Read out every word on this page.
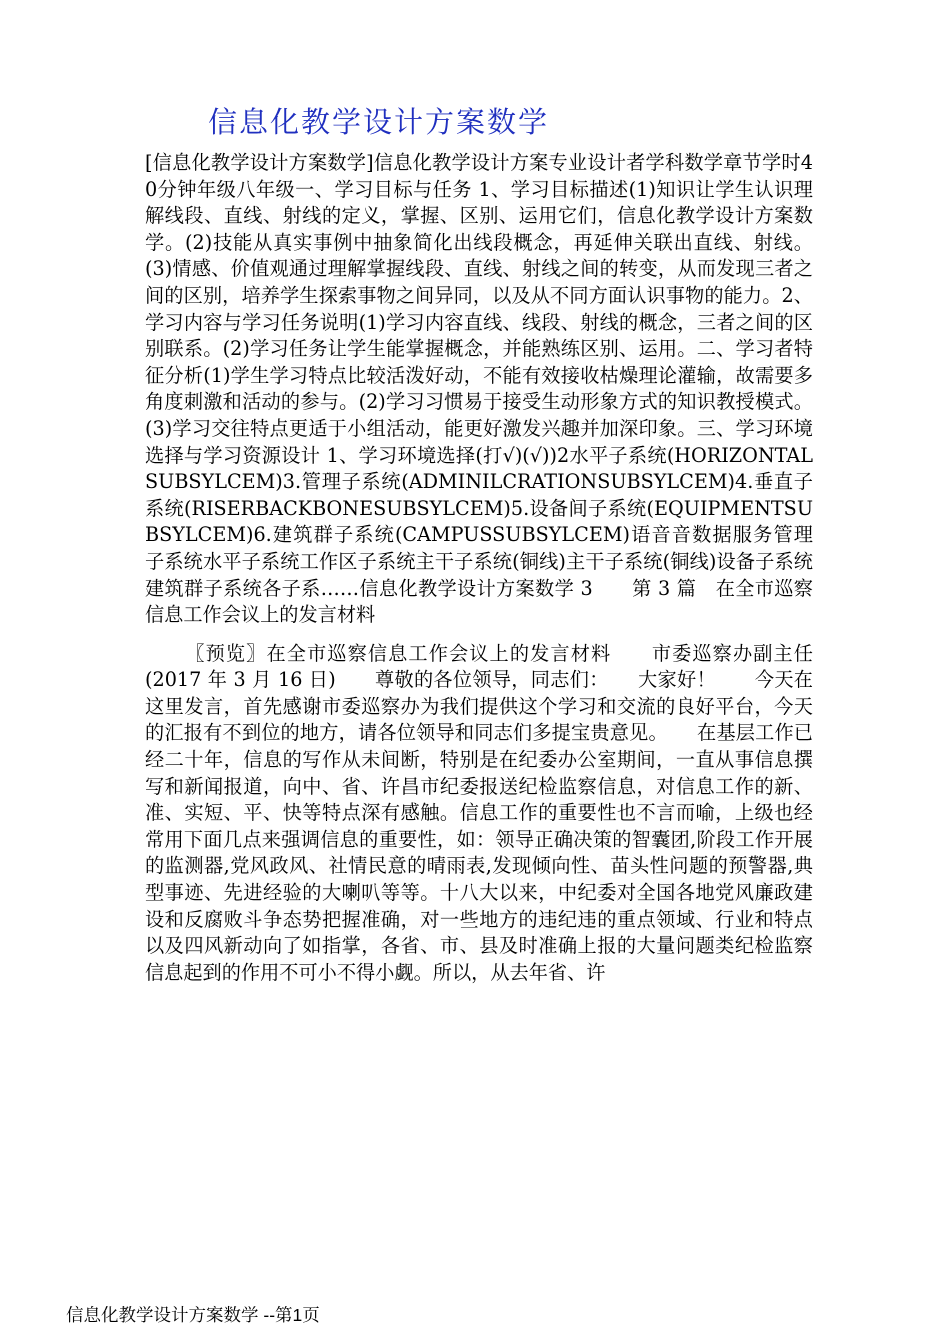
信息化教学设计方案数学

[信息化教学设计方案数学]信息化教学设计方案专业设计者学科数学章节学时40分钟年级八年级一、学习目标与任务 1、学习目标描述(1)知识让学生认识理解线段、直线、射线的定义，掌握、区别、运用它们，信息化教学设计方案数学。(2)技能从真实事例中抽象简化出线段概念，再延伸关联出直线、射线。(3)情感、价值观通过理解掌握线段、直线、射线之间的转变，从而发现三者之间的区别，培养学生探索事物之间异同，以及从不同方面认识事物的能力。2、学习内容与学习任务说明(1)学习内容直线、线段、射线的概念，三者之间的区别联系。(2)学习任务让学生能掌握概念，并能熟练区别、运用。二、学习者特征分析(1)学生学习特点比较活泼好动，不能有效接收枯燥理论灌输，故需要多角度刺激和活动的参与。(2)学习习惯易于接受生动形象方式的知识教授模式。(3)学习交往特点更适于小组活动，能更好激发兴趣并加深印象。三、学习环境选择与学习资源设计 1、学习环境选择(打√)(√))2水平子系统(HORIZONTALSUBSYLCEM)3.管理子系统(ADMINILCRATIONSUBSYLCEM)4.垂直子系统(RISERBACKBONESUBSYLCEM)5.设备间子系统(EQUIPMENTSUBSYLCEM)6.建筑群子系统(CAMPUSSUBSYLCEM)语音音数据服务管理子系统水平子系统工作区子系统主干子系统(铜线)主干子系统(铜线)设备子系统建筑群子系统各子系……信息化教学设计方案数学 3　　第 3 篇　在全市巡察信息工作会议上的发言材料

〖预览〗在全市巡察信息工作会议上的发言材料　　市委巡察办副主任　　(2017 年 3 月 16 日)　　尊敬的各位领导，同志们：　　大家好！　　今天在这里发言，首先感谢市委巡察办为我们提供这个学习和交流的良好平台，今天的汇报有不到位的地方，请各位领导和同志们多提宝贵意见。　　在基层工作已经二十年，信息的写作从未间断，特别是在纪委办公室期间，一直从事信息撰写和新闻报道，向中、省、许昌市纪委报送纪检监察信息，对信息工作的新、准、实短、平、快等特点深有感触。信息工作的重要性也不言而喻，上级也经常用下面几点来强调信息的重要性，如：领导正确决策的智囊团,阶段工作开展的监测器,党风政风、社情民意的晴雨表,发现倾向性、苗头性问题的预警器,典型事迹、先进经验的大喇叭等等。十八大以来，中纪委对全国各地党风廉政建设和反腐败斗争态势把握准确，对一些地方的违纪违的重点领域、行业和特点以及四风新动向了如指掌，各省、市、县及时准确上报的大量问题类纪检监察信息起到的作用不可小不得小觑。所以，从去年省、许

信息化教学设计方案数学 --第1页
